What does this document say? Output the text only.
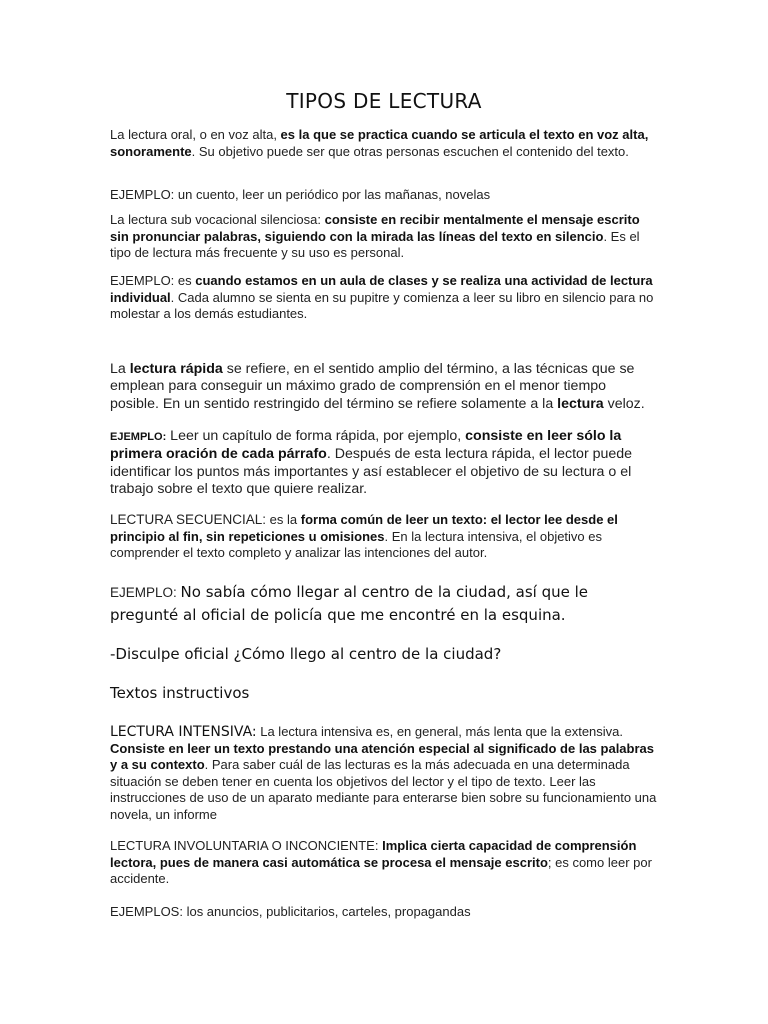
TIPOS DE LECTURA

La lectura oral, o en voz alta, es la que se practica cuando se articula el texto en voz alta, sonoramente. Su objetivo puede ser que otras personas escuchen el contenido del texto.

EJEMPLO: un cuento, leer un periódico por las mañanas, novelas

La lectura sub vocacional silenciosa: consiste en recibir mentalmente el mensaje escrito sin pronunciar palabras, siguiendo con la mirada las líneas del texto en silencio. Es el tipo de lectura más frecuente y su uso es personal.

EJEMPLO: es cuando estamos en un aula de clases y se realiza una actividad de lectura individual. Cada alumno se sienta en su pupitre y comienza a leer su libro en silencio para no molestar a los demás estudiantes.

La lectura rápida se refiere, en el sentido amplio del término, a las técnicas que se emplean para conseguir un máximo grado de comprensión en el menor tiempo posible. En un sentido restringido del término se refiere solamente a la lectura veloz.

EJEMPLO: Leer un capítulo de forma rápida, por ejemplo, consiste en leer sólo la primera oración de cada párrafo. Después de esta lectura rápida, el lector puede identificar los puntos más importantes y así establecer el objetivo de su lectura o el trabajo sobre el texto que quiere realizar.

LECTURA SECUENCIAL: es la forma común de leer un texto: el lector lee desde el principio al fin, sin repeticiones u omisiones. En la lectura intensiva, el objetivo es comprender el texto completo y analizar las intenciones del autor.

EJEMPLO: No sabía cómo llegar al centro de la ciudad, así que le pregunté al oficial de policía que me encontré en la esquina.

-Disculpe oficial ¿Cómo llego al centro de la ciudad?

Textos instructivos

LECTURA INTENSIVA: La lectura intensiva es, en general, más lenta que la extensiva. Consiste en leer un texto prestando una atención especial al significado de las palabras y a su contexto. Para saber cuál de las lecturas es la más adecuada en una determinada situación se deben tener en cuenta los objetivos del lector y el tipo de texto. Leer las instrucciones de uso de un aparato mediante para enterarse bien sobre su funcionamiento una novela, un informe

LECTURA INVOLUNTARIA O INCONCIENTE: Implica cierta capacidad de comprensión lectora, pues de manera casi automática se procesa el mensaje escrito; es como leer por accidente.

EJEMPLOS: los anuncios, publicitarios, carteles, propagandas
